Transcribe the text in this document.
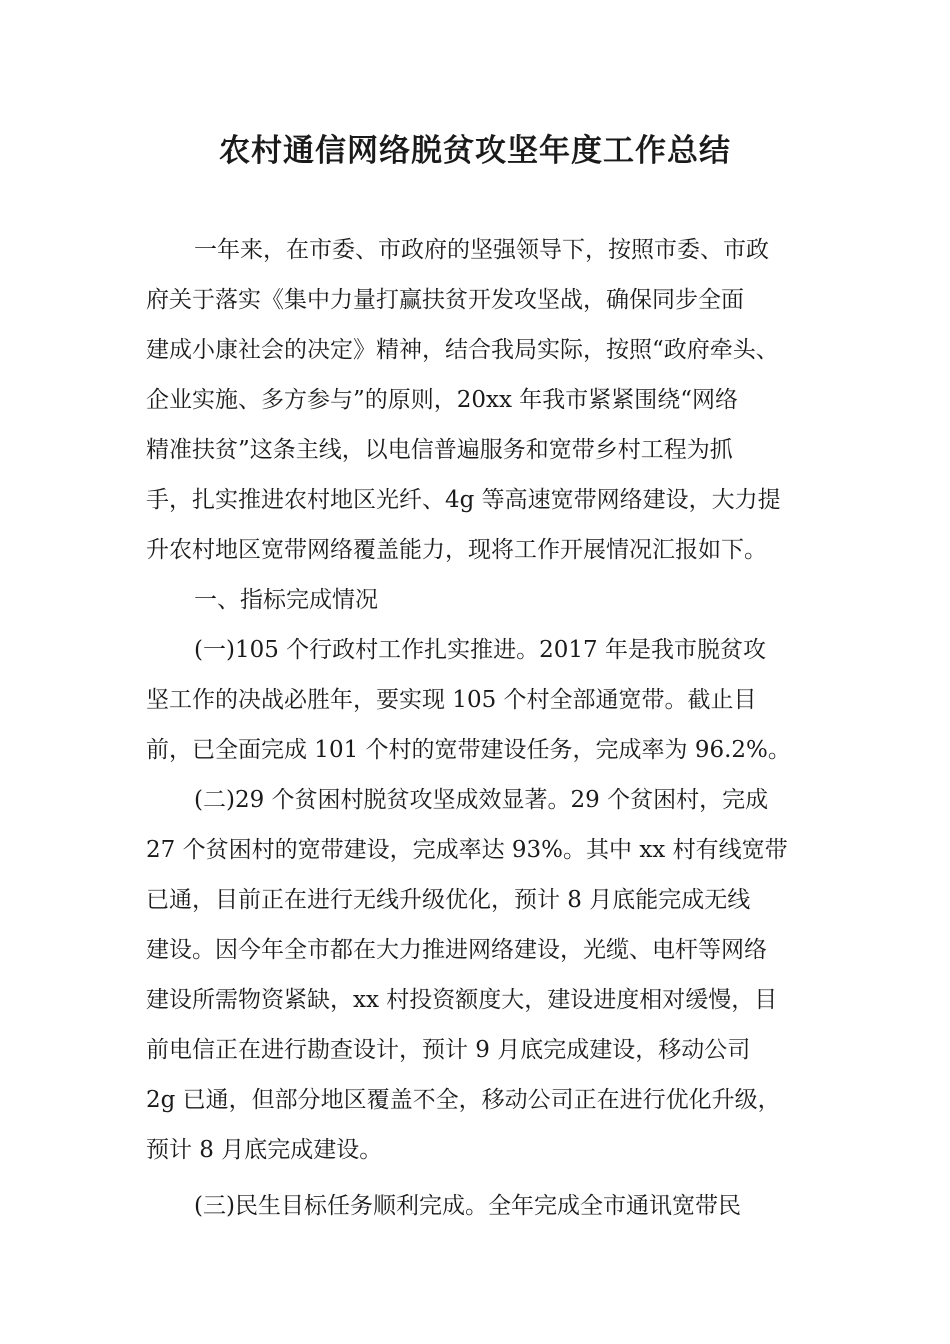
农村通信网络脱贫攻坚年度工作总结
一年来，在市委、市政府的坚强领导下，按照市委、市政
府关于落实《集中力量打赢扶贫开发攻坚战，确保同步全面
建成小康社会的决定》精神，结合我局实际，按照“政府牵头、
企业实施、多方参与”的原则，20xx 年我市紧紧围绕“网络
精准扶贫”这条主线，以电信普遍服务和宽带乡村工程为抓
手，扎实推进农村地区光纤、4g 等高速宽带网络建设，大力提
升农村地区宽带网络覆盖能力，现将工作开展情况汇报如下。
一、指标完成情况
(一)105 个行政村工作扎实推进。2017 年是我市脱贫攻
坚工作的决战必胜年，要实现 105 个村全部通宽带。截止目
前，已全面完成 101 个村的宽带建设任务，完成率为 96.2%。
(二)29 个贫困村脱贫攻坚成效显著。29 个贫困村，完成
27 个贫困村的宽带建设，完成率达 93%。其中 xx 村有线宽带
已通，目前正在进行无线升级优化，预计 8 月底能完成无线
建设。因今年全市都在大力推进网络建设，光缆、电杆等网络
建设所需物资紧缺，xx 村投资额度大，建设进度相对缓慢，目
前电信正在进行勘查设计，预计 9 月底完成建设，移动公司
2g 已通，但部分地区覆盖不全，移动公司正在进行优化升级，
预计 8 月底完成建设。
(三)民生目标任务顺利完成。全年完成全市通讯宽带民
